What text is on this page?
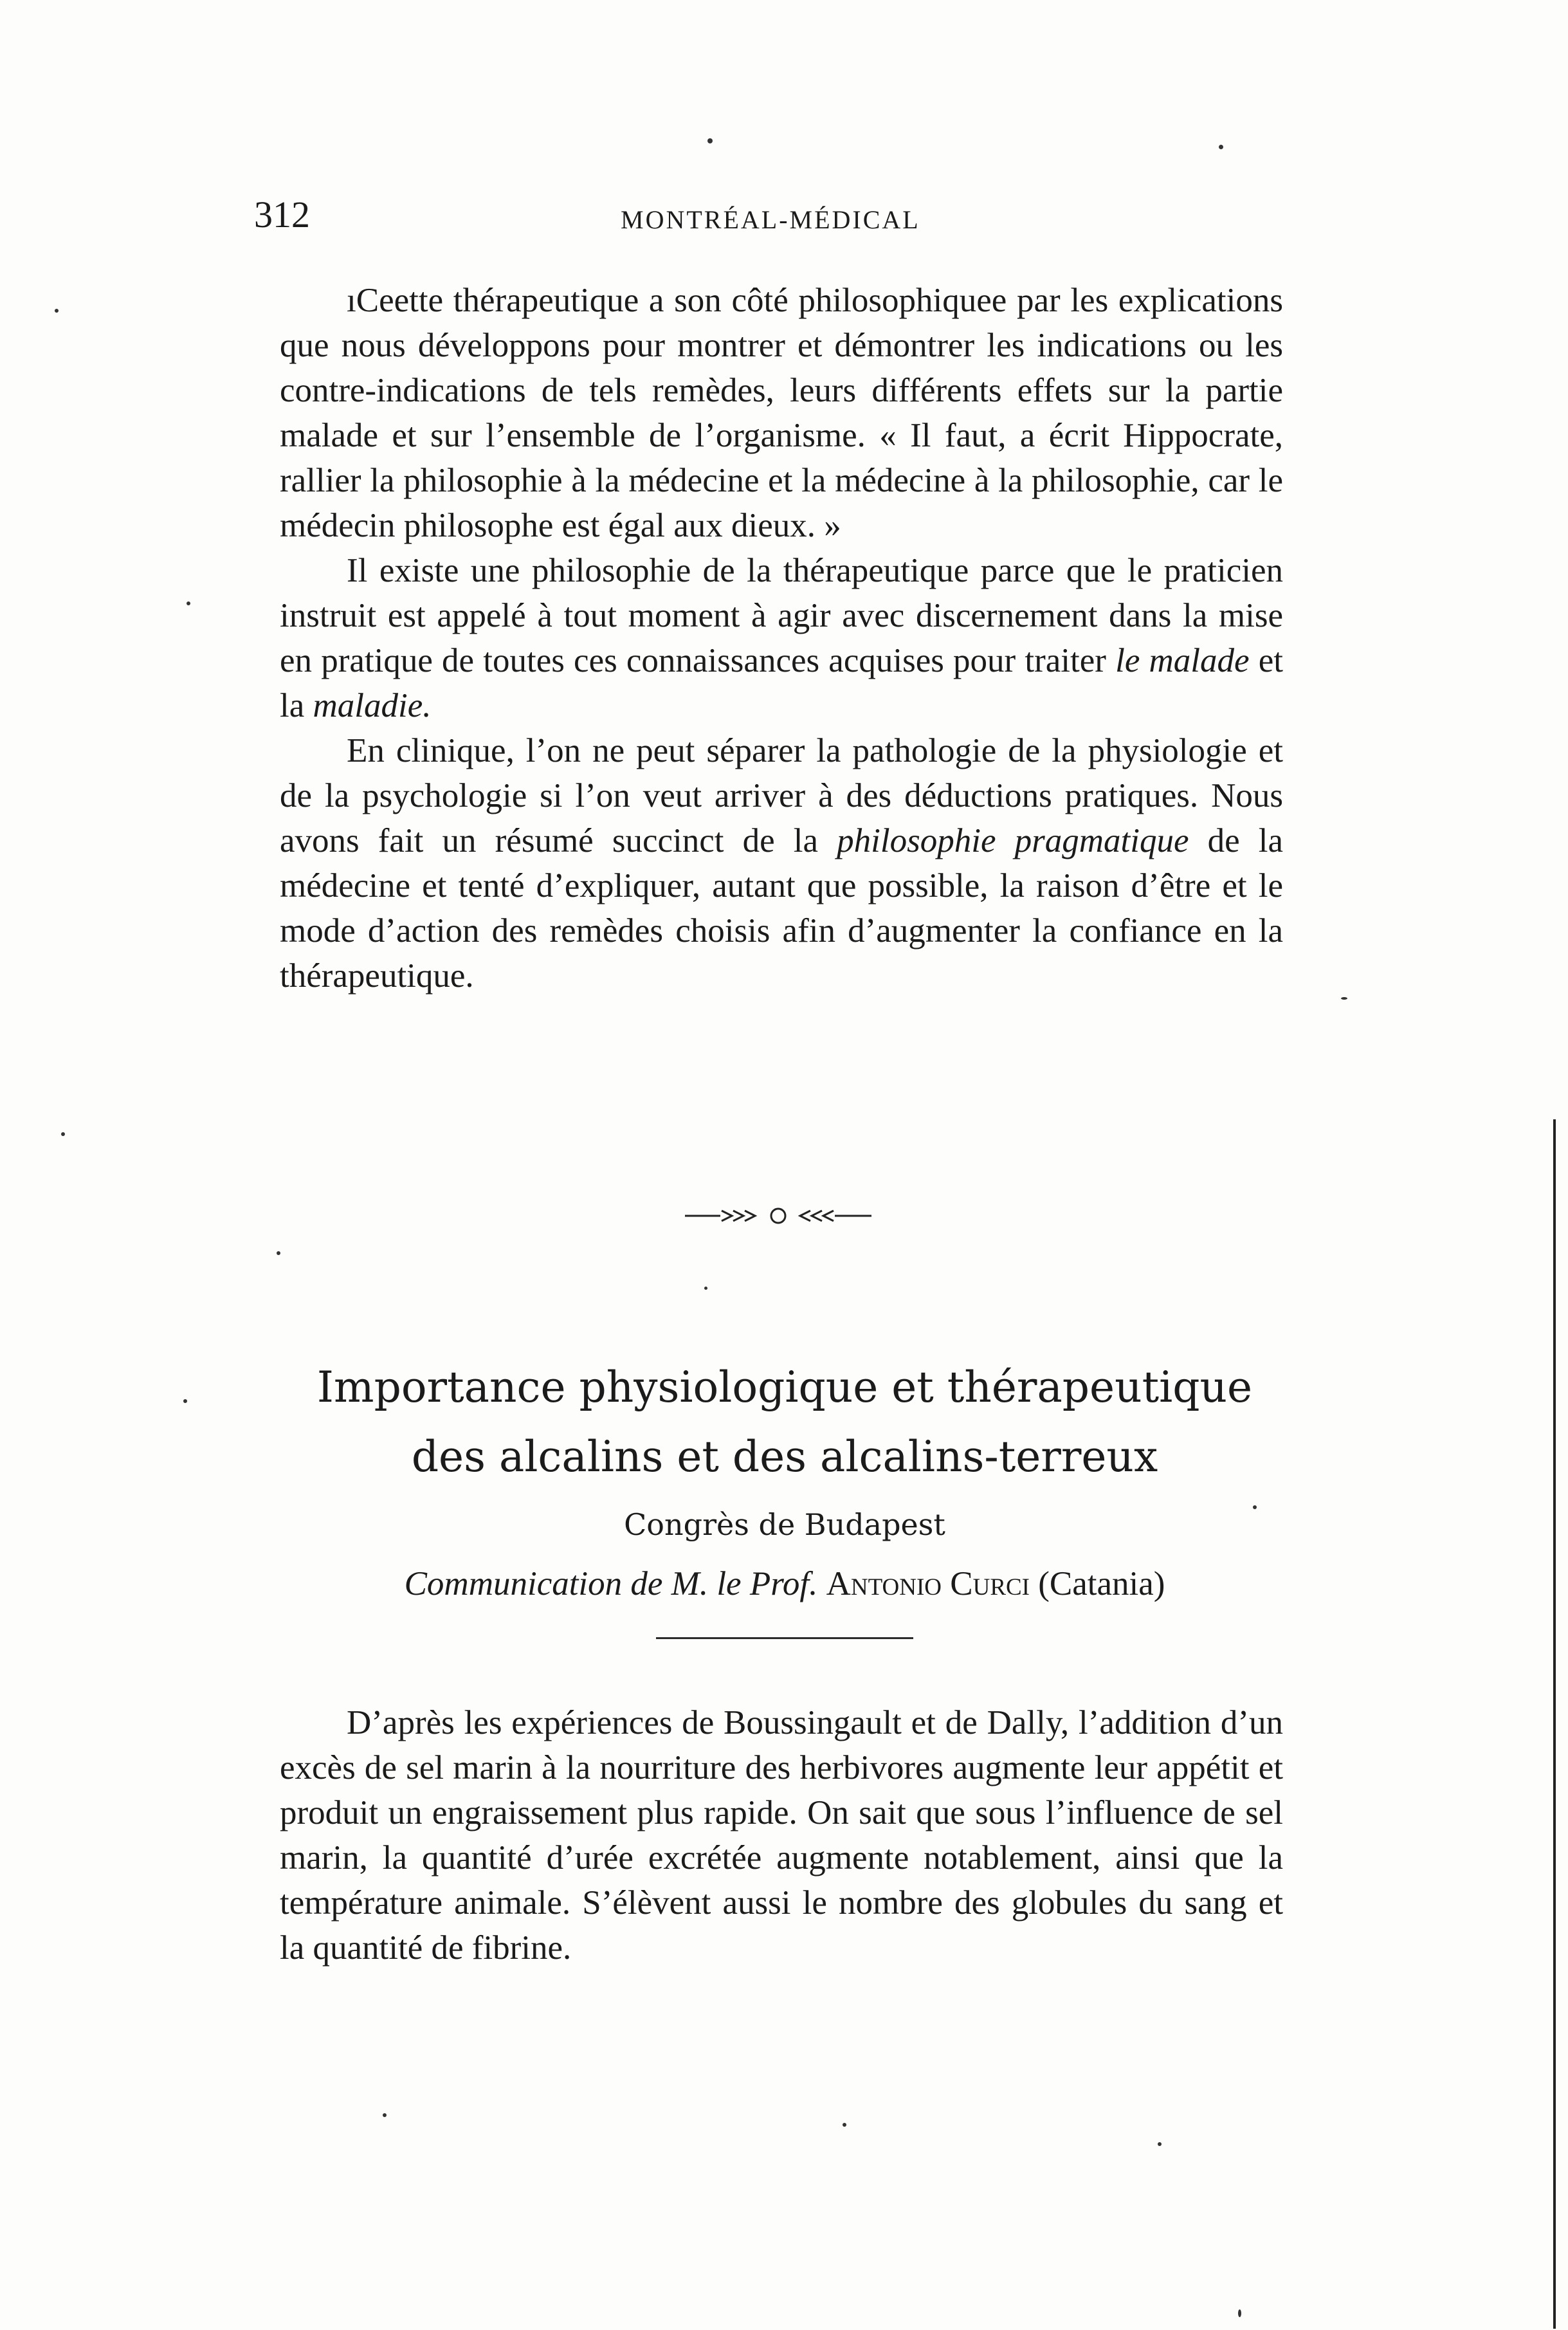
312	MONTRÉAL-MÉDICAL

ıCeette thérapeutique a son côté philosophiquee par les explications que nous développons pour montrer et démontrer les indications ou les contre-indications de tels remèdes, leurs différents effets sur la partie malade et sur l’ensemble de l’organisme. « Il faut, a écrit Hippocrate, rallier la philosophie à la médecine et la médecine à la philosophie, car le médecin philosophe est égal aux dieux. »

Il existe une philosophie de la thérapeutique parce que le praticien instruit est appelé à tout moment à agir avec discernement dans la mise en pratique de toutes ces connaissances acquises pour traiter le malade et la maladie.

En clinique, l’on ne peut séparer la pathologie de la physiologie et de la psychologie si l’on veut arriver à des déductions pratiques. Nous avons fait un résumé succinct de la philosophie pragmatique de la médecine et tenté d’expliquer, autant que possible, la raison d’être et le mode d’action des remèdes choisis afin d’augmenter la confiance en la thérapeutique.

Importance physiologique et thérapeutique
des alcalins et des alcalins-terreux
Congrès de Budapest
Communication de M. le Prof. Antonio Curci (Catania)

D’après les expériences de Boussingault et de Dally, l’addition d’un excès de sel marin à la nourriture des herbivores augmente leur appétit et produit un engraissement plus rapide. On sait que sous l’influence de sel marin, la quantité d’urée excrétée augmente notablement, ainsi que la température animale. S’élèvent aussi le nombre des globules du sang et la quantité de fibrine.
